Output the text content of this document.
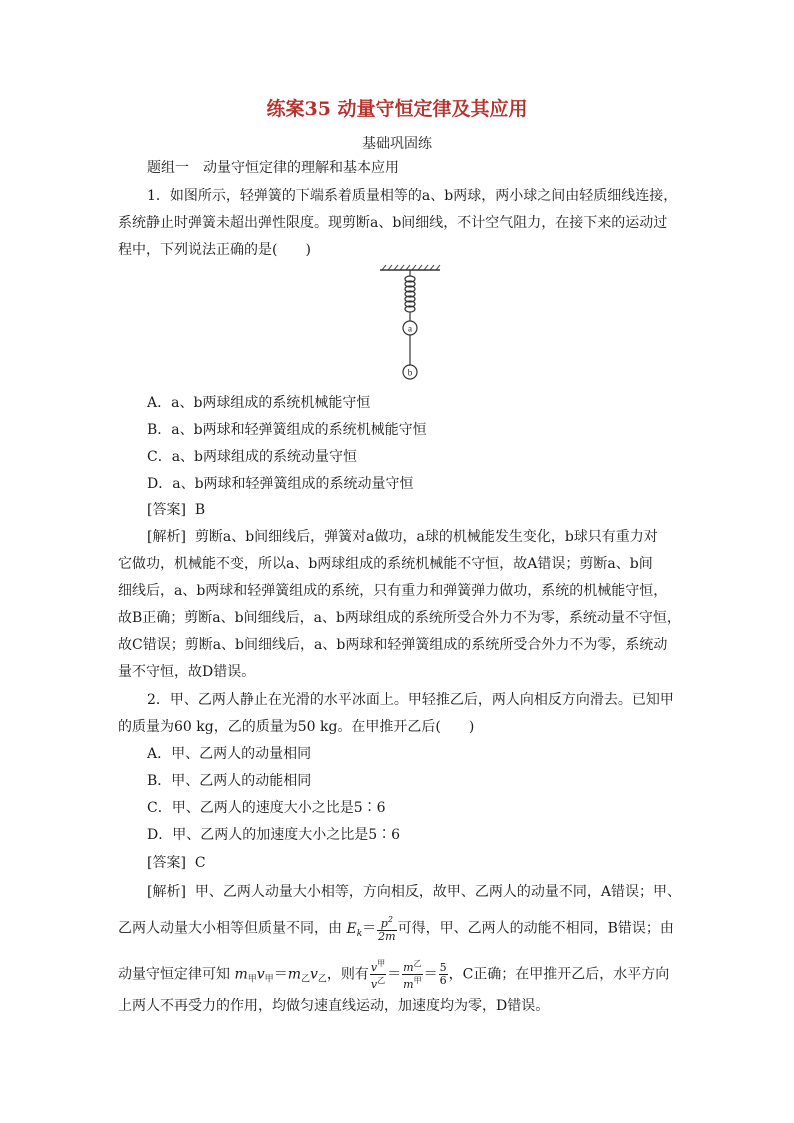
练案35 动量守恒定律及其应用
基础巩固练
题组一　动量守恒定律的理解和基本应用
1．如图所示，轻弹簧的下端系着质量相等的a、b两球，两小球之间由轻质细线连接，
系统静止时弹簧未超出弹性限度。现剪断a、b间细线，不计空气阻力，在接下来的运动过
程中，下列说法正确的是(　　)
a
b
A．a、b两球组成的系统机械能守恒
B．a、b两球和轻弹簧组成的系统机械能守恒
C．a、b两球组成的系统动量守恒
D．a、b两球和轻弹簧组成的系统动量守恒
[答案] B
[解析] 剪断a、b间细线后，弹簧对a做功，a球的机械能发生变化，b球只有重力对
它做功，机械能不变，所以a、b两球组成的系统机械能不守恒，故A错误；剪断a、b间
细线后，a、b两球和轻弹簧组成的系统，只有重力和弹簧弹力做功，系统的机械能守恒，
故B正确；剪断a、b间细线后，a、b两球组成的系统所受合外力不为零，系统动量不守恒，
故C错误；剪断a、b间细线后，a、b两球和轻弹簧组成的系统所受合外力不为零，系统动
量不守恒，故D错误。
2．甲、乙两人静止在光滑的水平冰面上。甲轻推乙后，两人向相反方向滑去。已知甲
的质量为60 kg，乙的质量为50 kg。在甲推开乙后(　　)
A．甲、乙两人的动量相同
B．甲、乙两人的动能相同
C．甲、乙两人的速度大小之比是5∶6
D．甲、乙两人的加速度大小之比是5∶6
[答案] C
[解析] 甲、乙两人动量大小相等，方向相反，故甲、乙两人的动量不同，A错误；甲、
乙两人动量大小相等但质量不同，由 $E_k= \frac{p^2}{2m}$ 可得，甲、乙两人的动能不相同，B错误；由
动量守恒定律可知 $m_甲v_甲=m_乙v_乙$，则有 $\frac{v^甲}{v^乙} = \frac{m^乙}{m^甲} = \frac{5}{6}$ ，C正确；在甲推开乙后，水平方向
上两人不再受力的作用，均做匀速直线运动，加速度均为零，D错误。
